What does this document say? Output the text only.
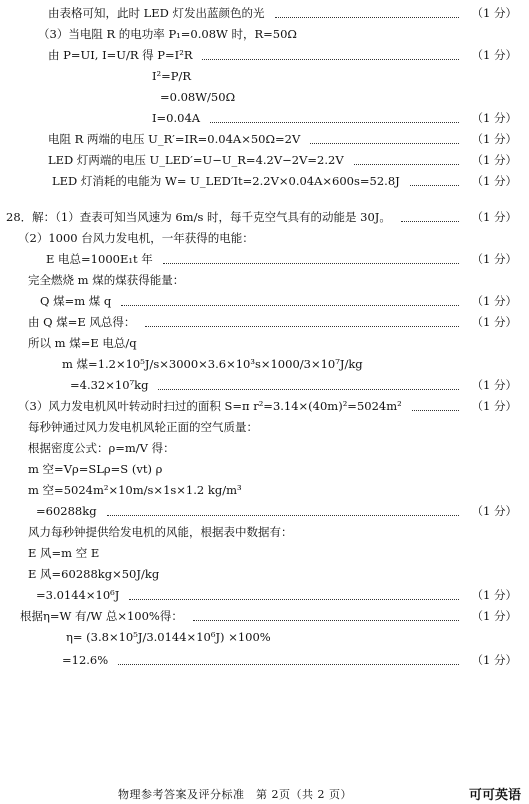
由表格可知，此时 LED 灯发出蓝颜色的光	（1 分）
（3）当电阻 R 的电功率 P₁=0.08W 时，R=50Ω
由 P=UI, I=U/R 得 P=I²R	（1 分）
I²=P/R
=0.08W/50Ω
I=0.04A	（1 分）
电阻 R 两端的电压 U_R′=IR=0.04A×50Ω=2V	（1 分）
LED 灯两端的电压 U_LED′=U−U_R=4.2V−2V=2.2V	（1 分）
LED 灯消耗的电能为 W= U_LED′It=2.2V×0.04A×600s=52.8J	（1 分）
28．解：（1）查表可知当风速为 6m/s 时，每千克空气具有的动能是 30J。	（1 分）
（2）1000 台风力发电机，一年获得的电能：
E 电总=1000E₁t 年	（1 分）
完全燃烧 m 煤的煤获得能量：
Q 煤=m 煤 q	（1 分）
由 Q 煤=E 风总得：	（1 分）
所以 m 煤=E 电总/q
m 煤=1.2×10⁵J/s×3000×3.6×10³s×1000/3×10⁷J/kg
=4.32×10⁷kg	（1 分）
（3）风力发电机风叶转动时扫过的面积 S=π r²=3.14×(40m)²=5024m²	（1 分）
每秒钟通过风力发电机风轮正面的空气质量：
根据密度公式：ρ=m/V 得：
m 空=Vρ=SLρ=S (vt) ρ
m 空=5024m²×10m/s×1s×1.2 kg/m³
=60288kg	（1 分）
风力每秒钟提供给发电机的风能，根据表中数据有：
E 风=m 空 E
E 风=60288kg×50J/kg
=3.0144×10⁶J	（1 分）
根据η=W 有/W 总×100%得：	（1 分）
η= (3.8×10⁵J/3.0144×10⁶J) ×100%
=12.6%	（1 分）
物理参考答案及评分标准　第 2页（共 2 页）	可可英语
